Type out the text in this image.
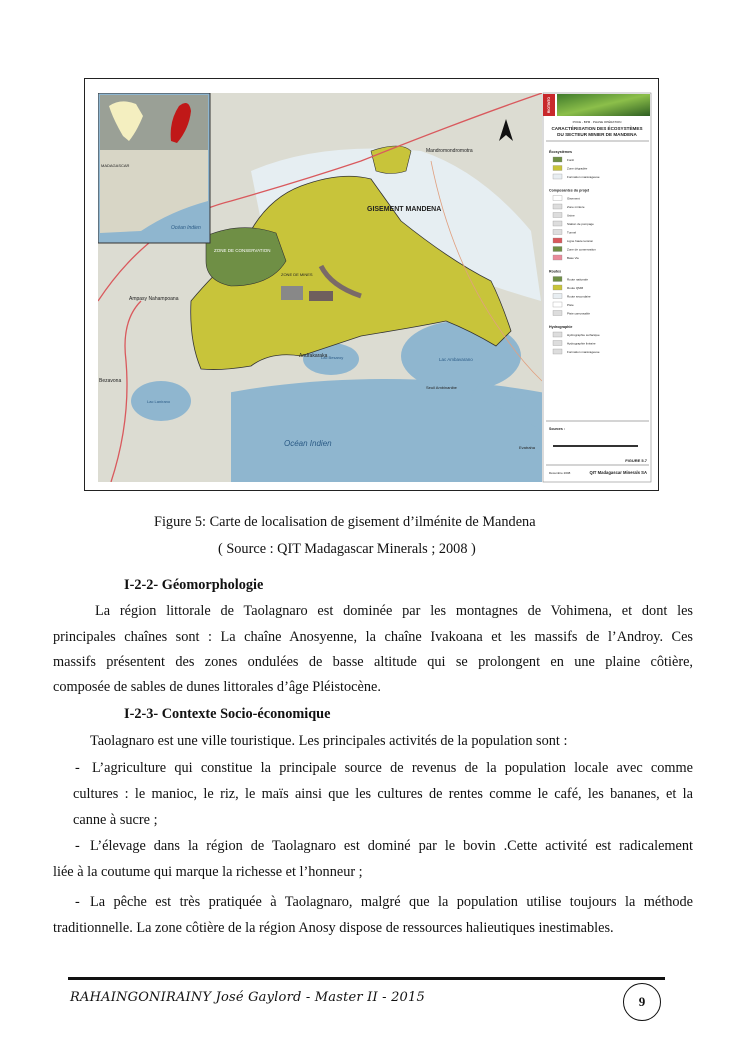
GISEMENT MANDENA
ZONE DE CONSERVATION
ZONE DE MINES
Mandromondromotra
Ampasy Nahampoana
Bezavona
Andrakaraka
Lac Besaroy	Lac Ambavarano
Lac Lanirano
Seuil Ambinanibe
Evatraha
Océan Indien
MADAGASCAR
Océan Indien
RIOTINTO
POCE - BPM · PHASE OPÉRATION
CARACTÉRISATION DES ÉCOSYSTÈMES
DU SECTEUR MINIER DE MANDENA
Écosystèmes
Forêt
Zone dégradée
Formation marécageuse
Composantes du projet
Gisement
Zone minière
Usine
Station de pompage
Tunnel
Ligne haute tension
Zone de conservation
Base Vie
Routes
Route nationale
Route QMM
Route secondaire
Piste
Piste carrossable
Hydrographie
Hydrographie surfacique
Hydrographie linéaire
Formation marécageuse
Sources :
FIGURE 5.7
Décembre 2008	QIT Madagascar Minerals SA
Figure 5: Carte de localisation de gisement d’ilménite de Mandena
( Source : QIT Madagascar Minerals ; 2008 )
I-2-2- Géomorphologie
La région littorale de Taolagnaro est dominée par les montagnes de Vohimena, et dont les
principales chaînes sont : La chaîne Anosyenne, la chaîne Ivakoana et les massifs de l’Androy. Ces
massifs présentent des zones ondulées de basse altitude qui se prolongent en une plaine côtière,
composée de sables de dunes littorales d’âge Pléistocène.
I-2-3- Contexte Socio-économique
Taolagnaro est une ville touristique. Les principales activités de la population sont :
- L’agriculture qui constitue la principale source de revenus de la population locale avec comme
cultures : le manioc, le riz, le maïs ainsi que les cultures de rentes comme le café, les bananes, et la
canne à sucre ;
- L’élevage dans la région de Taolagnaro est dominé par le bovin .Cette activité est radicalement
liée à la coutume qui marque la richesse et l’honneur ;
- La pêche est très pratiquée à Taolagnaro, malgré que la population utilise toujours la méthode
traditionnelle. La zone côtière de la région Anosy dispose de ressources halieutiques inestimables.
RAHAINGONIRAINY José Gaylord - Master II - 2015	9
